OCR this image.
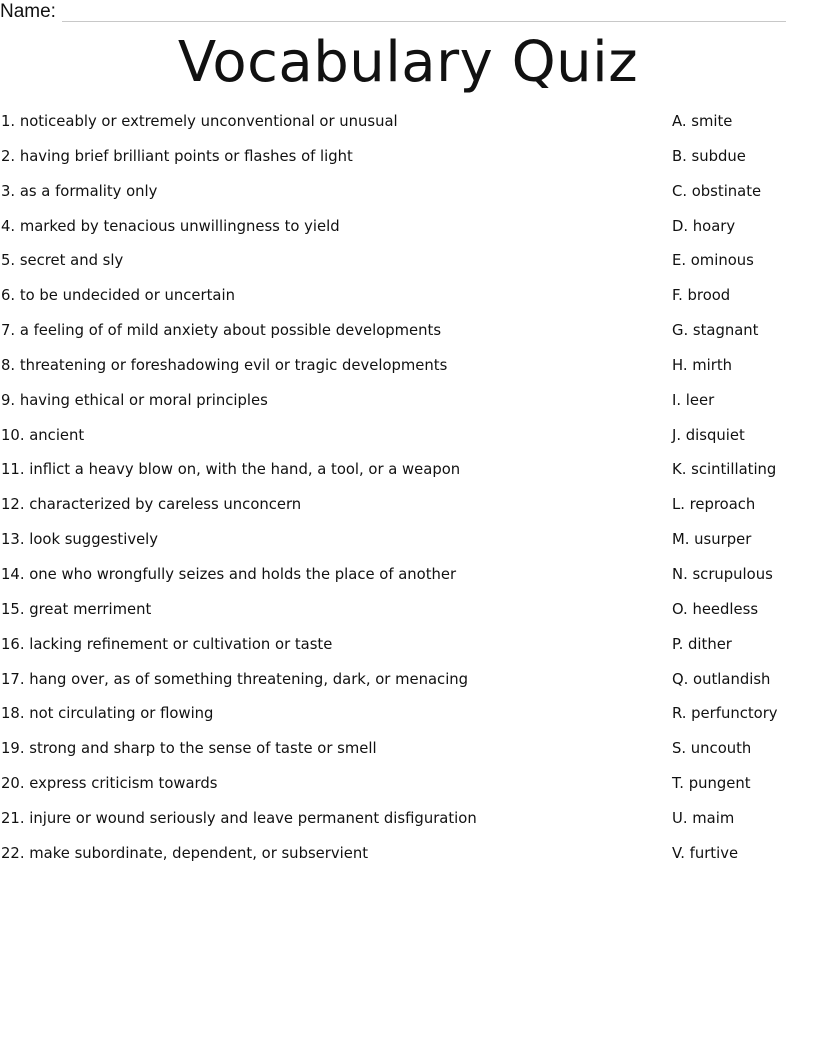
Name:
Vocabulary Quiz
1. noticeably or extremely unconventional or unusual	A. smite
2. having brief brilliant points or flashes of light	B. subdue
3. as a formality only	C. obstinate
4. marked by tenacious unwillingness to yield	D. hoary
5. secret and sly	E. ominous
6. to be undecided or uncertain	F. brood
7. a feeling of of mild anxiety about possible developments	G. stagnant
8. threatening or foreshadowing evil or tragic developments	H. mirth
9. having ethical or moral principles	I. leer
10. ancient	J. disquiet
11. inflict a heavy blow on, with the hand, a tool, or a weapon	K. scintillating
12. characterized by careless unconcern	L. reproach
13. look suggestively	M. usurper
14. one who wrongfully seizes and holds the place of another	N. scrupulous
15. great merriment	O. heedless
16. lacking refinement or cultivation or taste	P. dither
17. hang over, as of something threatening, dark, or menacing	Q. outlandish
18. not circulating or flowing	R. perfunctory
19. strong and sharp to the sense of taste or smell	S. uncouth
20. express criticism towards	T. pungent
21. injure or wound seriously and leave permanent disfiguration	U. maim
22. make subordinate, dependent, or subservient	V. furtive
